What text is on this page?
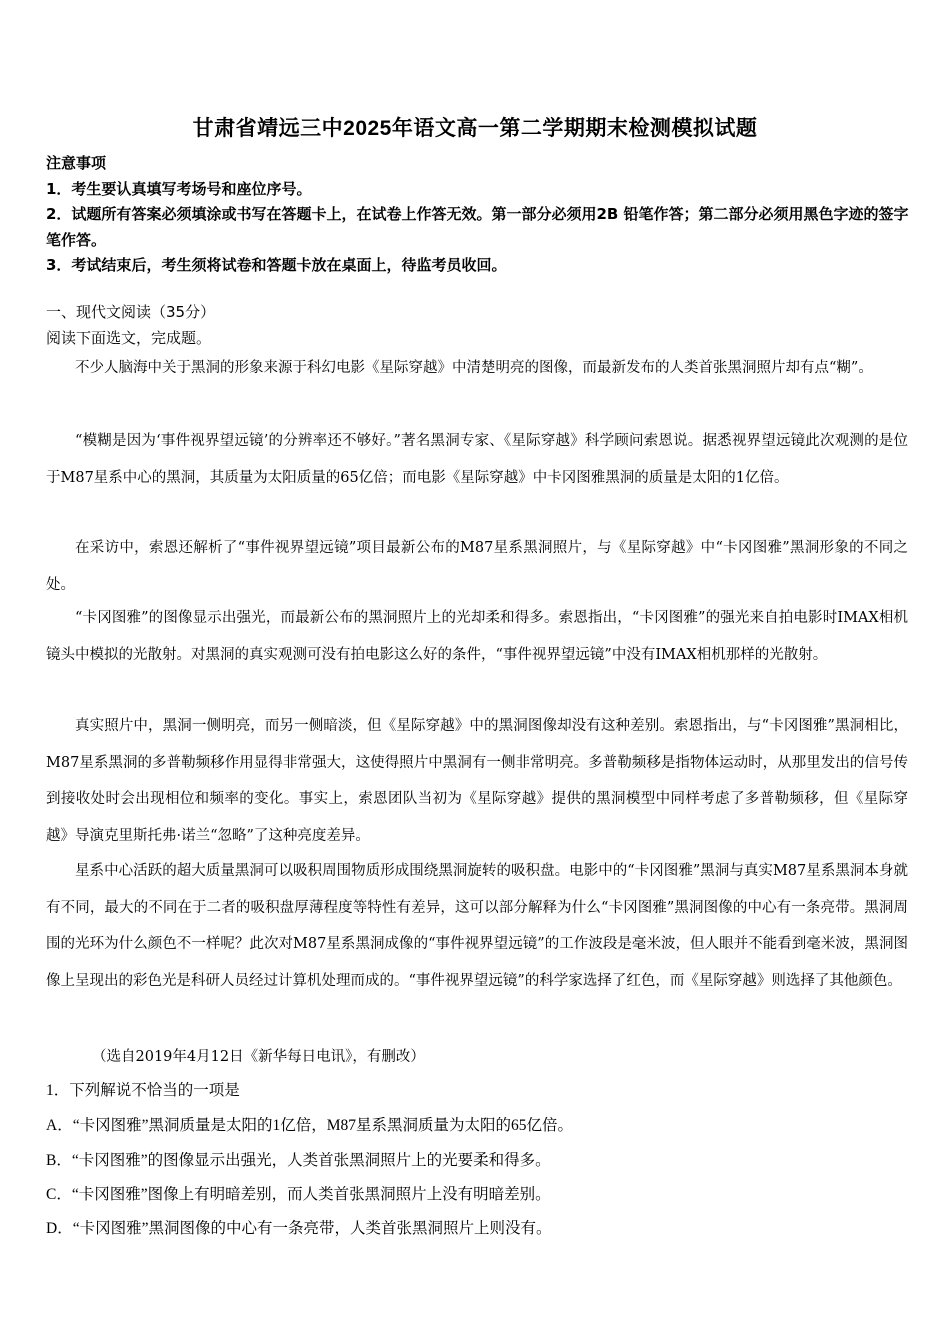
甘肃省靖远三中2025年语文高一第二学期期末检测模拟试题
注意事项
1．考生要认真填写考场号和座位序号。
2．试题所有答案必须填涂或书写在答题卡上，在试卷上作答无效。第一部分必须用2B 铅笔作答；第二部分必须用黑色字迹的签字笔作答。
3．考试结束后，考生须将试卷和答题卡放在桌面上，待监考员收回。
一、现代文阅读（35分）
阅读下面选文，完成题。
不少人脑海中关于黑洞的形象来源于科幻电影《星际穿越》中清楚明亮的图像，而最新发布的人类首张黑洞照片却有点“糊”。
“模糊是因为‘事件视界望远镜’的分辨率还不够好。”著名黑洞专家、《星际穿越》科学顾问索恩说。据悉视界望远镜此次观测的是位于M87星系中心的黑洞，其质量为太阳质量的65亿倍；而电影《星际穿越》中卡冈图雅黑洞的质量是太阳的1亿倍。
在采访中，索恩还解析了“事件视界望远镜”项目最新公布的M87星系黑洞照片，与《星际穿越》中“卡冈图雅”黑洞形象的不同之处。
“卡冈图雅”的图像显示出强光，而最新公布的黑洞照片上的光却柔和得多。索恩指出，“卡冈图雅”的强光来自拍电影时IMAX相机镜头中模拟的光散射。对黑洞的真实观测可没有拍电影这么好的条件，“事件视界望远镜”中没有IMAX相机那样的光散射。
真实照片中，黑洞一侧明亮，而另一侧暗淡，但《星际穿越》中的黑洞图像却没有这种差别。索恩指出，与“卡冈图雅”黑洞相比，M87星系黑洞的多普勒频移作用显得非常强大，这使得照片中黑洞有一侧非常明亮。多普勒频移是指物体运动时，从那里发出的信号传到接收处时会出现相位和频率的变化。事实上，索恩团队当初为《星际穿越》提供的黑洞模型中同样考虑了多普勒频移，但《星际穿越》导演克里斯托弗·诺兰“忽略”了这种亮度差异。
星系中心活跃的超大质量黑洞可以吸积周围物质形成围绕黑洞旋转的吸积盘。电影中的“卡冈图雅”黑洞与真实M87星系黑洞本身就有不同，最大的不同在于二者的吸积盘厚薄程度等特性有差异，这可以部分解释为什么“卡冈图雅”黑洞图像的中心有一条亮带。黑洞周围的光环为什么颜色不一样呢？此次对M87星系黑洞成像的“事件视界望远镜”的工作波段是毫米波，但人眼并不能看到毫米波，黑洞图像上呈现出的彩色光是科研人员经过计算机处理而成的。“事件视界望远镜”的科学家选择了红色，而《星际穿越》则选择了其他颜色。
（选自2019年4月12日《新华每日电讯》，有删改）
1．下列解说不恰当的一项是
A．“卡冈图雅”黑洞质量是太阳的1亿倍，M87星系黑洞质量为太阳的65亿倍。
B．“卡冈图雅”的图像显示出强光，人类首张黑洞照片上的光要柔和得多。
C．“卡冈图雅”图像上有明暗差别，而人类首张黑洞照片上没有明暗差别。
D．“卡冈图雅”黑洞图像的中心有一条亮带，人类首张黑洞照片上则没有。
